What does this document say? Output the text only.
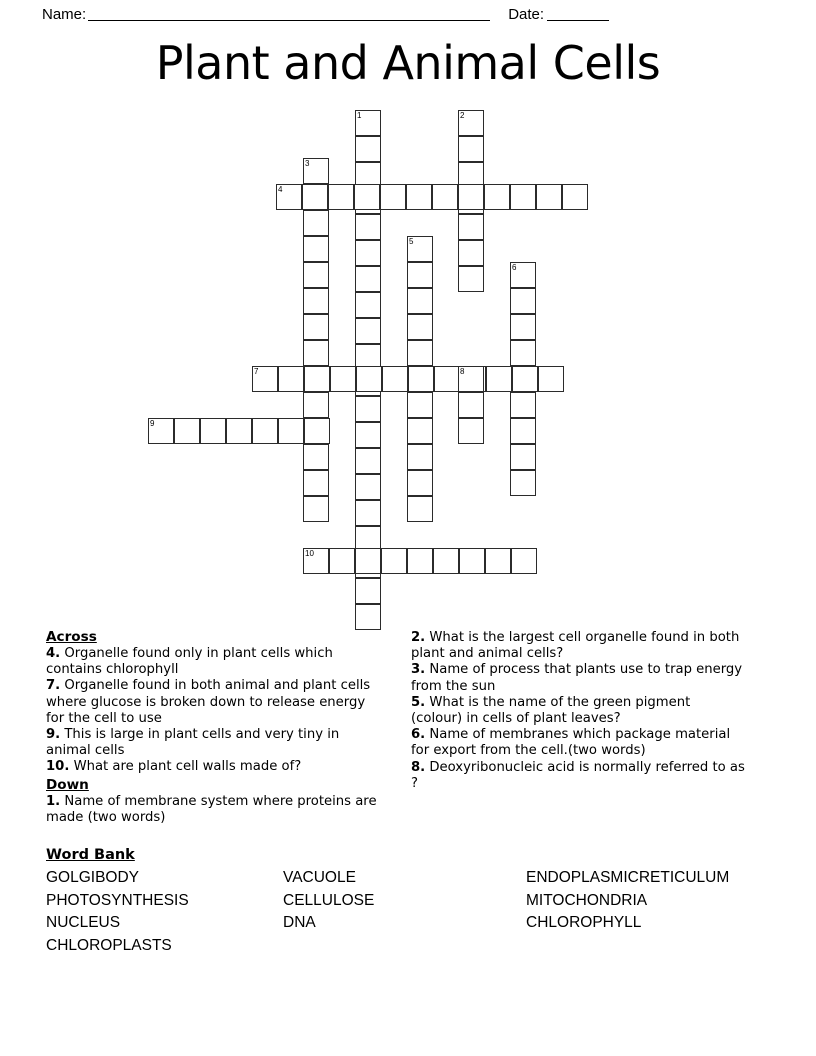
Name:	Date:
Plant and Animal Cells
1	2
3
4
5
6
7	8
9
10
Across
4. Organelle found only in plant cells which contains chlorophyll
7. Organelle found in both animal and plant cells where glucose is broken down to release energy for the cell to use
9. This is large in plant cells and very tiny in animal cells
10. What are plant cell walls made of?
Down
1. Name of membrane system where proteins are made (two words)
2. What is the largest cell organelle found in both plant and animal cells?
3. Name of process that plants use to trap energy from the sun
5. What is the name of the green pigment (colour) in cells of plant leaves?
6. Name of membranes which package material for export from the cell.(two words)
8. Deoxyribonucleic acid is normally referred to as ?
Word Bank
GOLGIBODY	VACUOLE	ENDOPLASMICRETICULUM
PHOTOSYNTHESIS	CELLULOSE	MITOCHONDRIA
NUCLEUS	DNA	CHLOROPHYLL
CHLOROPLASTS
